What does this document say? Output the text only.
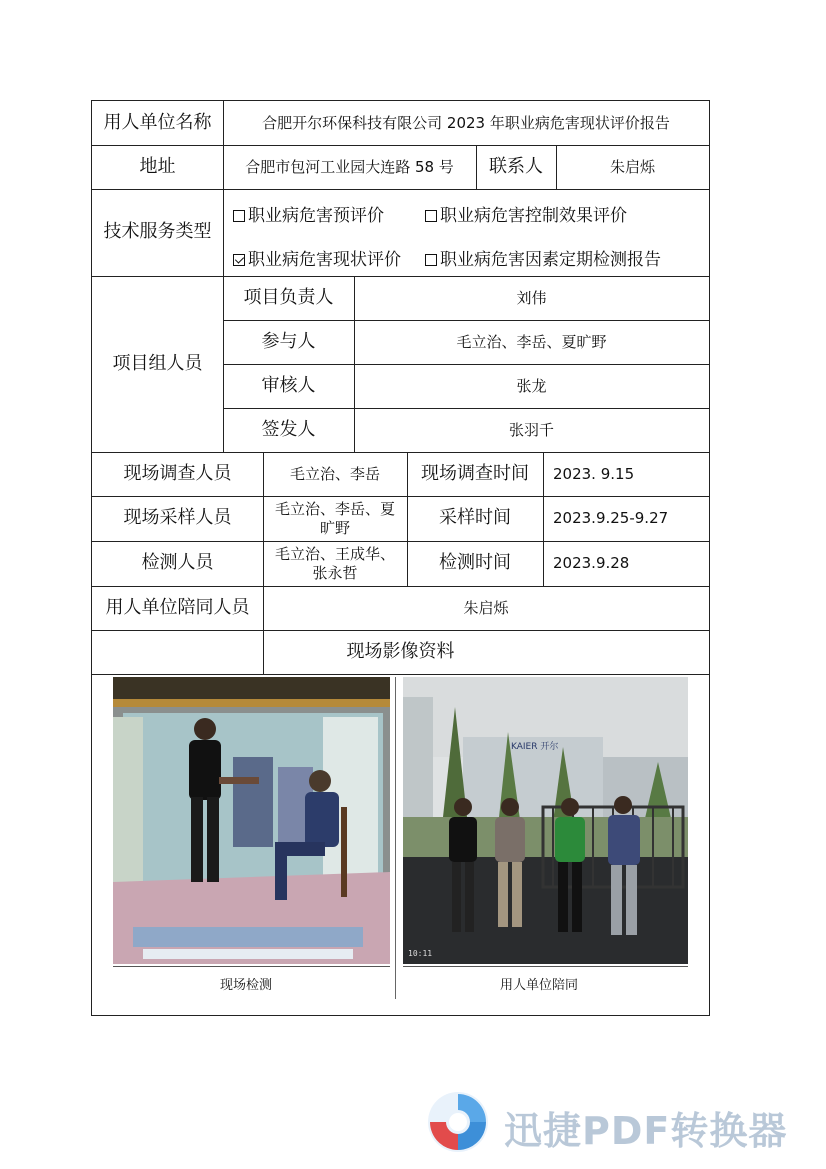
用人单位名称	合肥开尔环保科技有限公司 2023 年职业病危害现状评价报告
地址	合肥市包河工业园大连路 58 号	联系人	朱启烁
技术服务类型
职业病危害预评价	职业病危害控制效果评价
职业病危害现状评价	职业病危害因素定期检测报告
项目组人员
项目负责人	刘伟
参与人	毛立治、李岳、夏旷野
审核人	张龙
签发人	张羽千
现场调查人员	毛立治、李岳	现场调查时间	2023. 9.15
现场采样人员	毛立治、李岳、夏旷野	采样时间	2023.9.25-9.27
检测人员	毛立治、王成华、张永哲	检测时间	2023.9.28
用人单位陪同人员	朱启烁
现场影像资料
现场检测
KAIER 开尔
10:11
用人单位陪同
迅捷PDF转换器
